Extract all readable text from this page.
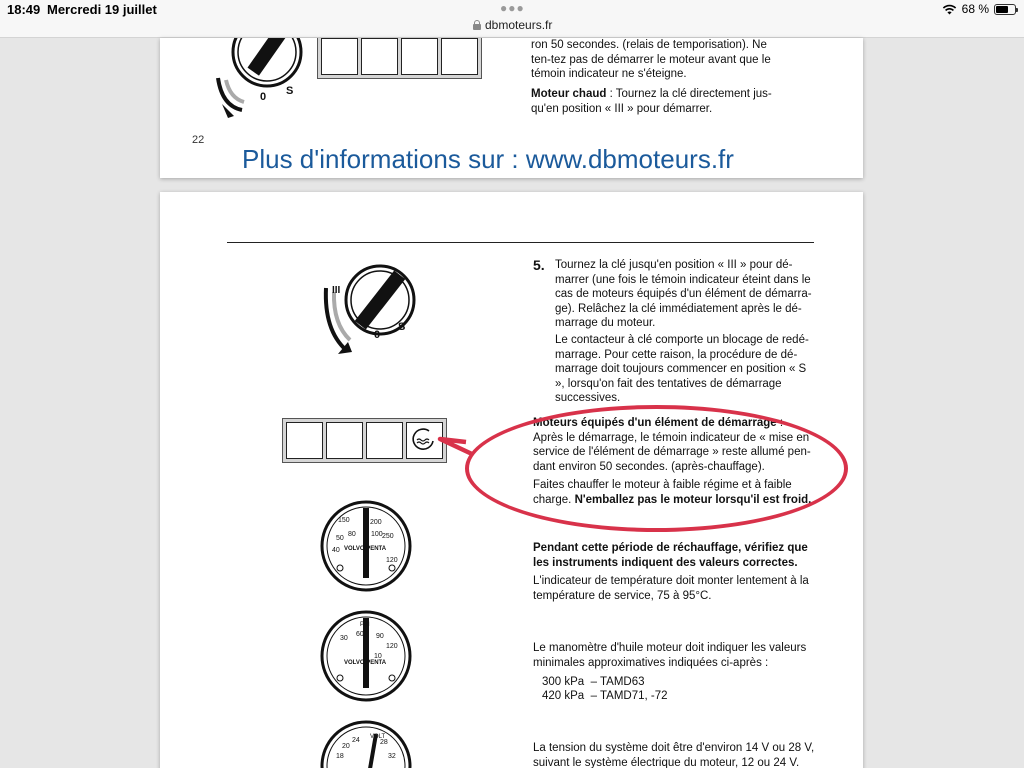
18:49 Mercredi 19 juillet	●●●
dbmoteurs.fr
68 %
0 S
ron 50 secondes. (relais de temporisation). Ne ten-tez pas de démarrer le moteur avant que le témoin indicateur ne s'éteigne.
Moteur chaud : Tournez la clé directement jus-qu'en position « III » pour démarrer.
22
Plus d'informations sur : www.dbmoteurs.fr
III
0
S
80 100
150	200
250
50
40
120
VOLVO PENTA
PSI
60
30	90
120
10
VOLVO PENTA
VOLT
20
24	28
18	32
5. Tournez la clé jusqu'en position « III » pour dé-marrer (une fois le témoin indicateur éteint dans le cas de moteurs équipés d'un élément de démarra-ge). Relâchez la clé immédiatement après le dé-marrage du moteur.
Le contacteur à clé comporte un blocage de redé-marrage. Pour cette raison, la procédure de dé-marrage doit toujours commencer en position « S », lorsqu'on fait des tentatives de démarrage successives.
Moteurs équipés d'un élément de démarrage :
Après le démarrage, le témoin indicateur de « mise en service de l'élément de démarrage » reste allumé pen-dant environ 50 secondes. (après-chauffage).
Faites chauffer le moteur à faible régime et à faible charge. N'emballez pas le moteur lorsqu'il est froid.
Pendant cette période de réchauffage, vérifiez que les instruments indiquent des valeurs correctes.
L'indicateur de température doit monter lentement à la température de service, 75 à 95°C.
Le manomètre d'huile moteur doit indiquer les valeurs minimales approximatives indiquées ci-après :
300 kPa – TAMD63
420 kPa – TAMD71, -72
La tension du système doit être d'environ 14 V ou 28 V, suivant le système électrique du moteur, 12 ou 24 V.
